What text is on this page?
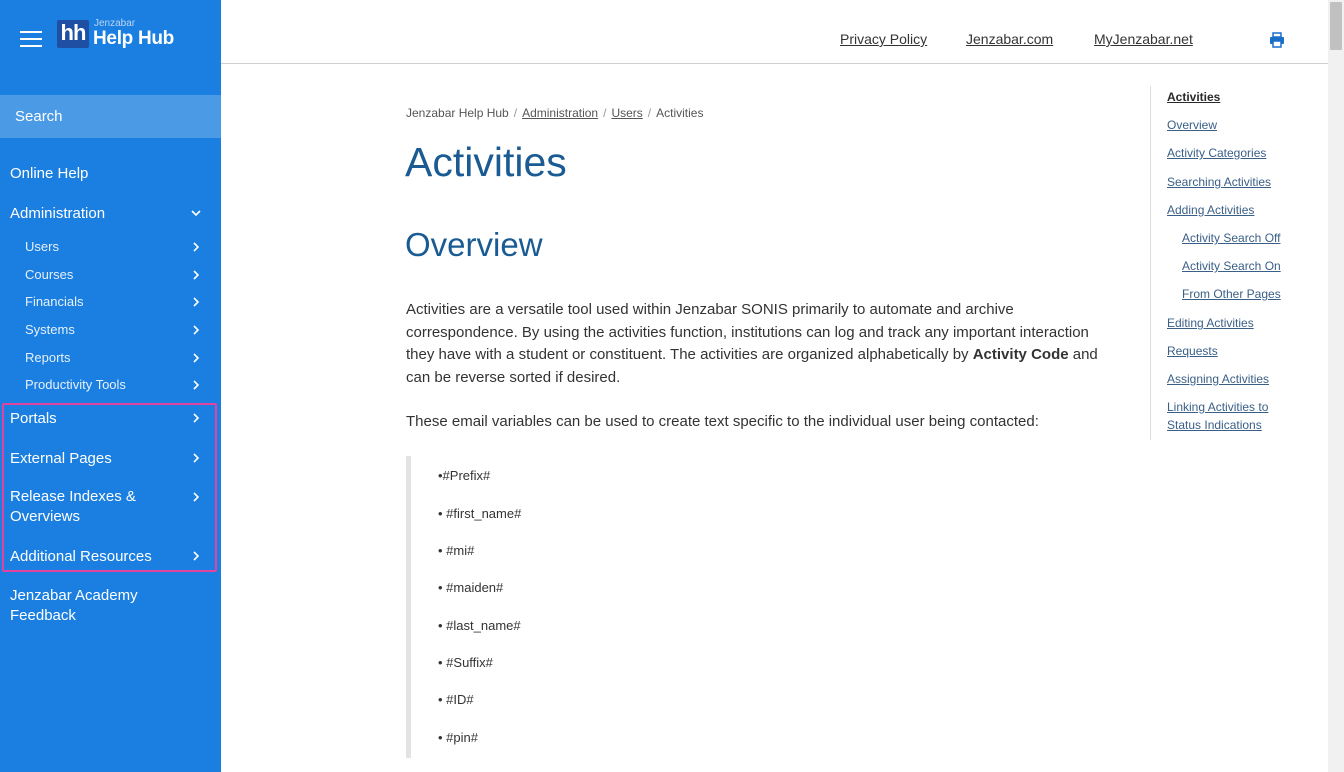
hh Jenzabar
Help Hub
Search
Online Help
Administration
Users
Courses
Financials
Systems
Reports
Productivity Tools
Portals
External Pages
Release Indexes & Overviews
Additional Resources
Jenzabar Academy Feedback
Privacy Policy	Jenzabar.com	MyJenzabar.net
Jenzabar Help Hub / Administration / Users / Activities
Activities
Overview

Activities are a versatile tool used within Jenzabar SONIS primarily to automate and archive correspondence. By using the activities function, institutions can log and track any important interaction they have with a student or constituent. The activities are organized alphabetically by Activity Code and can be reverse sorted if desired.

These email variables can be used to create text specific to the individual user being contacted:

•#Prefix#
• #first_name#
• #mi#
• #maiden#
• #last_name#
• #Suffix#
• #ID#
• #pin#
Activities
Overview
Activity Categories
Searching Activities
Adding Activities
Activity Search Off
Activity Search On
From Other Pages
Editing Activities
Requests
Assigning Activities
Linking Activities to Status Indications
